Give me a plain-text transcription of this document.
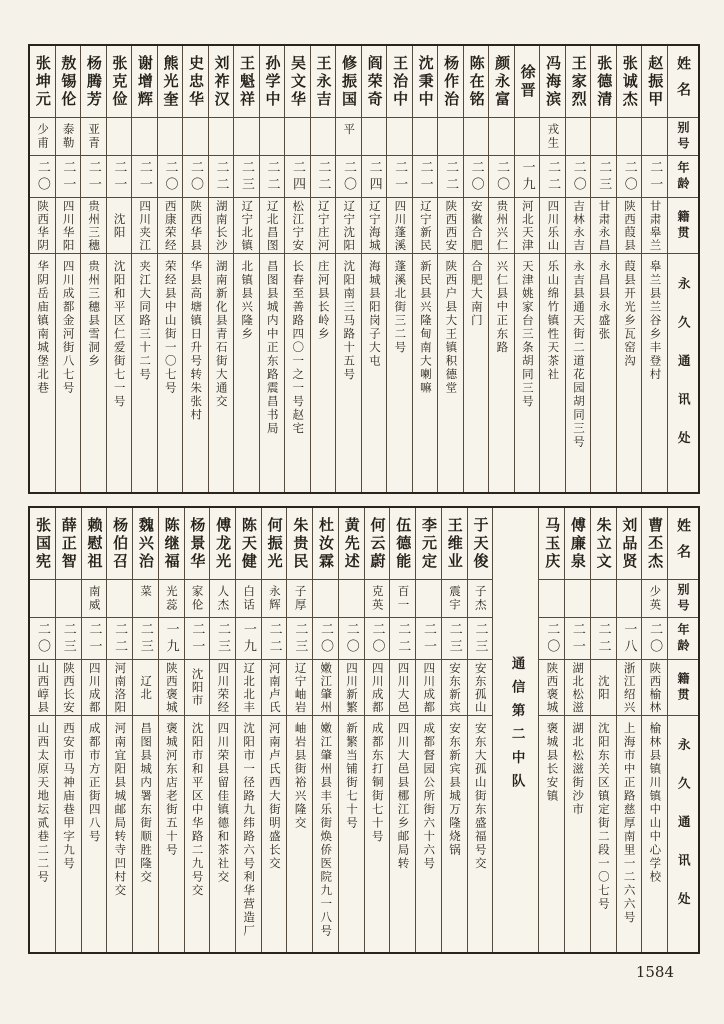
姓名
别号
年龄
籍贯
永久通讯处
赵振甲
二一
甘肃皋兰
皋兰县兰谷乡丰登村
张诚杰
二〇
陕西葭县
葭县开光乡瓦窑沟
张德清
二三
甘肃永昌
永昌县永盛张
王家烈
二〇
吉林永吉
永吉县通天街二道花园胡同三号
冯海滨
戎生
二二
四川乐山
乐山绵竹镇性天茶社
徐晋
一九
河北天津
天津姚家台三条胡同三号
颜永富
二〇
贵州兴仁
兴仁县中正东路
陈在铭
二〇
安徽合肥
合肥大南门
杨作治
二二
陕西西安
陕西户县大王镇积德堂
沈秉中
二一
辽宁新民
新民县兴隆甸南大喇嘛
王治中
二一
四川蓬溪
蓬溪北街三二号
阎荣奇
二四
辽宁海城
海城县阳岗子大屯
修振国
平
二〇
辽宁沈阳
沈阳南三马路十五号
王永吉
二二
辽宁庄河
庄河县长岭乡
吴文华
二四
松江宁安
长春至善路四〇一之一号赵宅
孙学中
二二
辽北昌图
昌图县城内中正东路震昌书局
王魁祥
二三
辽宁北镇
北镇县兴隆乡
刘祚汉
二二
湖南长沙
湖南新化县青石街大通交
史忠华
二〇
陕西华县
华县高塘镇日升号转朱张村
熊光奎
二〇
西康荣经
荣经县中山街一〇七号
谢增辉
二一
四川夹江
夹江大同路三十二号
张克俭
二一
沈阳
沈阳和平区仁爱街七一号
杨腾芳
亚青
二一
贵州三穗
贵州三穗县雪洞乡
敖锡伦
泰勒
二一
四川华阳
四川成都金河街八七号
张坤元
少甫
二〇
陕西华阴
华阴岳庙镇南城堡北巷
姓名
别号
年龄
籍贯
永久通讯处
曹丕杰
少英
二〇
陕西榆林
榆林县镇川镇中山中心学校
刘品贤
一八
浙江绍兴
上海市中正路慈厚南里一二六六号
朱立文
二二
沈阳
沈阳东关区镇定街二段一〇七号
傅廉泉
二一
湖北松滋
湖北松滋街沙市
马玉庆
二〇
陕西褒城
褒城县长安镇
通信第二中队
于天俊
子杰
二三
安东孤山
安东大孤山街东盛福号交
王维业
震宇
二三
安东新宾
安东新宾县城万隆烧锅
李元定
二一
四川成都
成都督园公所街六十六号
伍德能
百一
二二
四川大邑
四川大邑县梛江乡邮局转
何云蔚
克英
二〇
四川成都
成都东打铜街七十号
黄先述
二〇
四川新繁
新繁当铺街七十号
杜汝霖
二〇
嫩江肇州
嫩江肇州县丰乐街焕侨医院九一八号
朱贵民
子厚
二三
辽宁岫岩
岫岩县街裕兴隆交
何振光
永辉
二二
河南卢氏
河南卢氏西大街明盛长交
陈天健
白话
一九
辽北北丰
沈阳市一径路九纬路六号利华营造厂
傅龙光
人杰
二三
四川荣经
四川荣县留佳镇德和茶社交
杨景华
家伦
二一
沈阳市
沈阳市和平区中华路二九号交
陈继福
光蕊
一九
陕西褒城
褒城河东店老街五十号
魏兴治
菜
二三
辽北
昌图县城内署东街顺胜隆交
杨伯召
二二
河南洛阳
河南宜阳县城邮局转寺凹村交
赖慰祖
南威
二一
四川成都
成都市方正街四八号
薛正智
二三
陕西长安
西安市马神庙巷甲字九号
张国宪
二〇
山西崞县
山西太原天地坛贰巷二二号
1584
